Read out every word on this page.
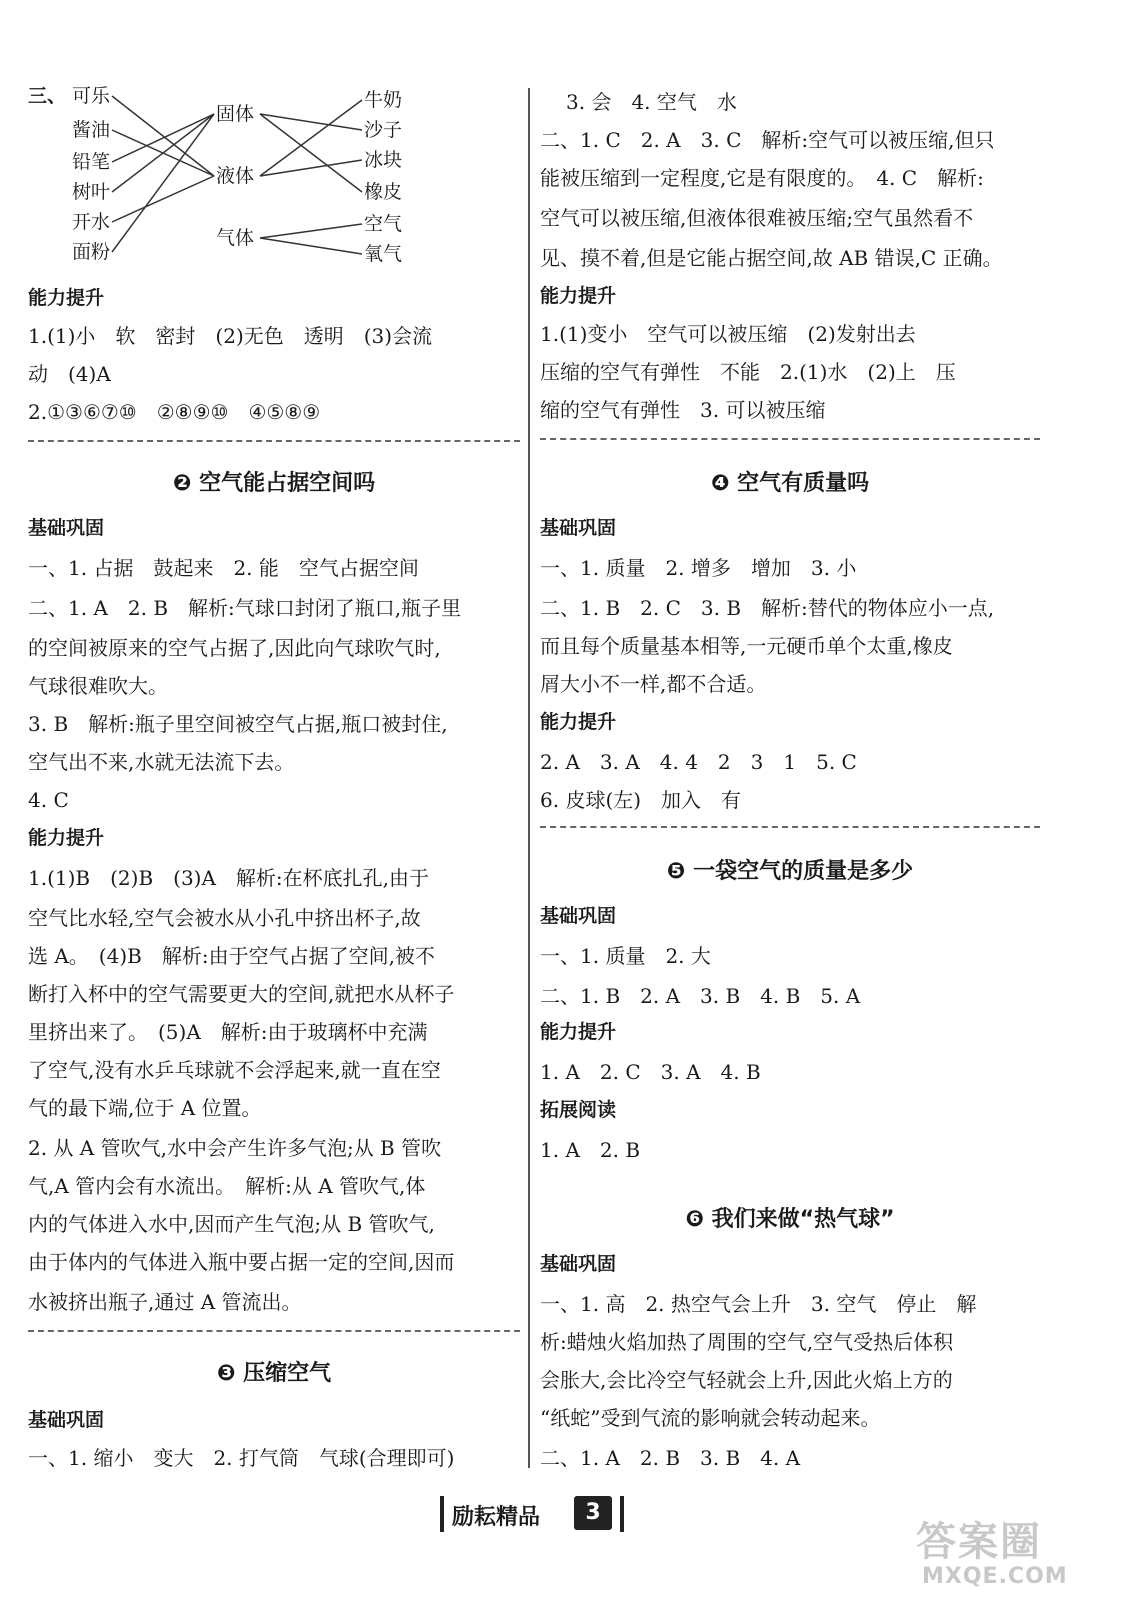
三、 可乐
酱油
铅笔
树叶
开水
面粉
固体
液体
气体
牛奶
沙子
冰块
橡皮
空气
氧气
能力提升
1.(1)小　软　密封　(2)无色　透明　(3)会流
动　(4)A
2.①③⑥⑦⑩　②⑧⑨⑩　④⑤⑧⑨
❷ 空气能占据空间吗
基础巩固
一、1. 占据　鼓起来　2. 能　空气占据空间
二、1. A　2. B　解析:气球口封闭了瓶口,瓶子里
的空间被原来的空气占据了,因此向气球吹气时,
气球很难吹大。
3. B　解析:瓶子里空间被空气占据,瓶口被封住,
空气出不来,水就无法流下去。
4. C
能力提升
1.(1)B　(2)B　(3)A　解析:在杯底扎孔,由于
空气比水轻,空气会被水从小孔中挤出杯子,故
选 A。　(4)B　解析:由于空气占据了空间,被不
断打入杯中的空气需要更大的空间,就把水从杯子
里挤出来了。　(5)A　解析:由于玻璃杯中充满
了空气,没有水乒乓球就不会浮起来,就一直在空
气的最下端,位于 A 位置。
2. 从 A 管吹气,水中会产生许多气泡;从 B 管吹
气,A 管内会有水流出。　解析:从 A 管吹气,体
内的气体进入水中,因而产生气泡;从 B 管吹气,
由于体内的气体进入瓶中要占据一定的空间,因而
水被挤出瓶子,通过 A 管流出。
❸ 压缩空气
基础巩固
一、1. 缩小　变大　2. 打气筒　气球(合理即可)
3. 会　4. 空气　水
二、1. C　2. A　3. C　解析:空气可以被压缩,但只
能被压缩到一定程度,它是有限度的。　4. C　解析:
空气可以被压缩,但液体很难被压缩;空气虽然看不
见、摸不着,但是它能占据空间,故 AB 错误,C 正确。
能力提升
1.(1)变小　空气可以被压缩　(2)发射出去
压缩的空气有弹性　不能　2.(1)水　(2)上　压
缩的空气有弹性　3. 可以被压缩
❹ 空气有质量吗
基础巩固
一、1. 质量　2. 增多　增加　3. 小
二、1. B　2. C　3. B　解析:替代的物体应小一点,
而且每个质量基本相等,一元硬币单个太重,橡皮
屑大小不一样,都不合适。
能力提升
2. A　3. A　4. 4　2　3　1　5. C
6. 皮球(左)　加入　有
❺ 一袋空气的质量是多少
基础巩固
一、1. 质量　2. 大
二、1. B　2. A　3. B　4. B　5. A
能力提升
1. A　2. C　3. A　4. B
拓展阅读
1. A　2. B
❻ 我们来做“热气球”
基础巩固
一、1. 高　2. 热空气会上升　3. 空气　停止　解
析:蜡烛火焰加热了周围的空气,空气受热后体积
会胀大,会比冷空气轻就会上升,因此火焰上方的
“纸蛇”受到气流的影响就会转动起来。
二、1. A　2. B　3. B　4. A
励耘精品	3
答案圈
MXQE.COM
